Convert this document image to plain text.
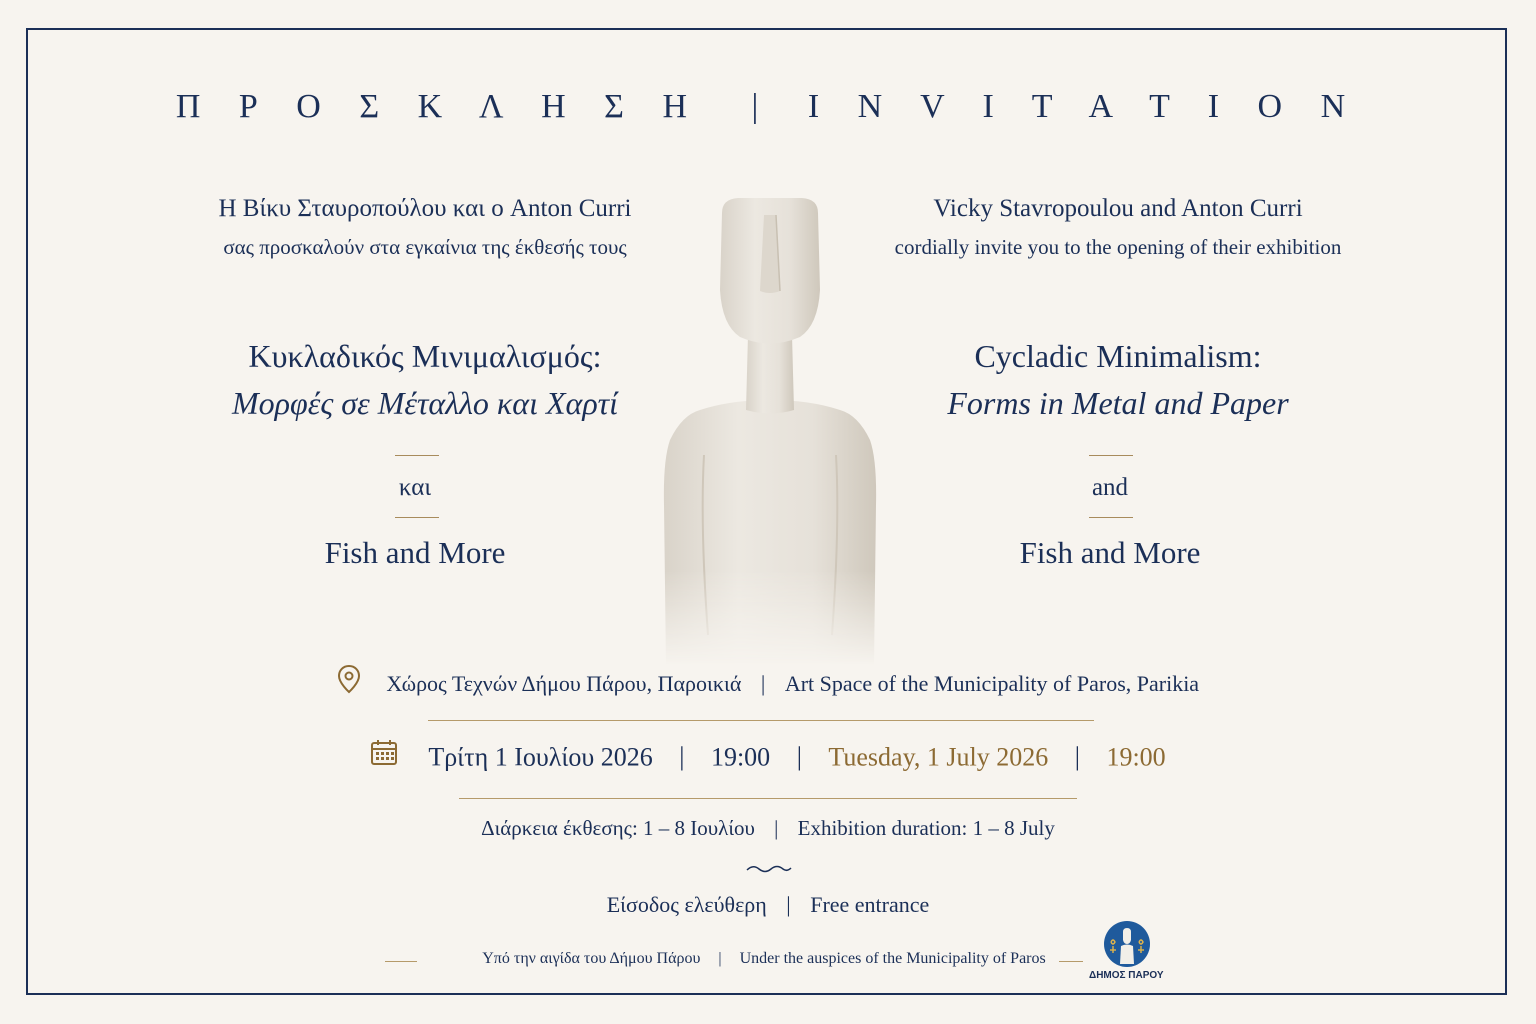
Π Ρ Ο Σ Κ Λ Η Σ Η | I N V I T A T I O N
Η Βίκυ Σταυροπούλου και ο Anton Curri
σας προσκαλούν στα εγκαίνια της έκθεσής τους
Κυκλαδικός Μινιμαλισμός:
Μορφές σε Μέταλλο και Χαρτί
και
Fish and More
Vicky Stavropoulou and Anton Curri
cordially invite you to the opening of their exhibition
Cycladic Minimalism:
Forms in Metal and Paper
and
Fish and More
Χώρος Τεχνών Δήμου Πάρου, Παροικιά | Art Space of the Municipality of Paros, Parikia
Τρίτη 1 Ιουλίου 2026 | 19:00 | Tuesday, 1 July 2026 | 19:00
Διάρκεια έκθεσης: 1 – 8 Ιουλίου | Exhibition duration: 1 – 8 July
Είσοδος ελεύθερη | Free entrance
Υπό την αιγίδα του Δήμου Πάρου | Under the auspices of the Municipality of Paros
ΔΗΜΟΣ ΠΑΡΟΥ
